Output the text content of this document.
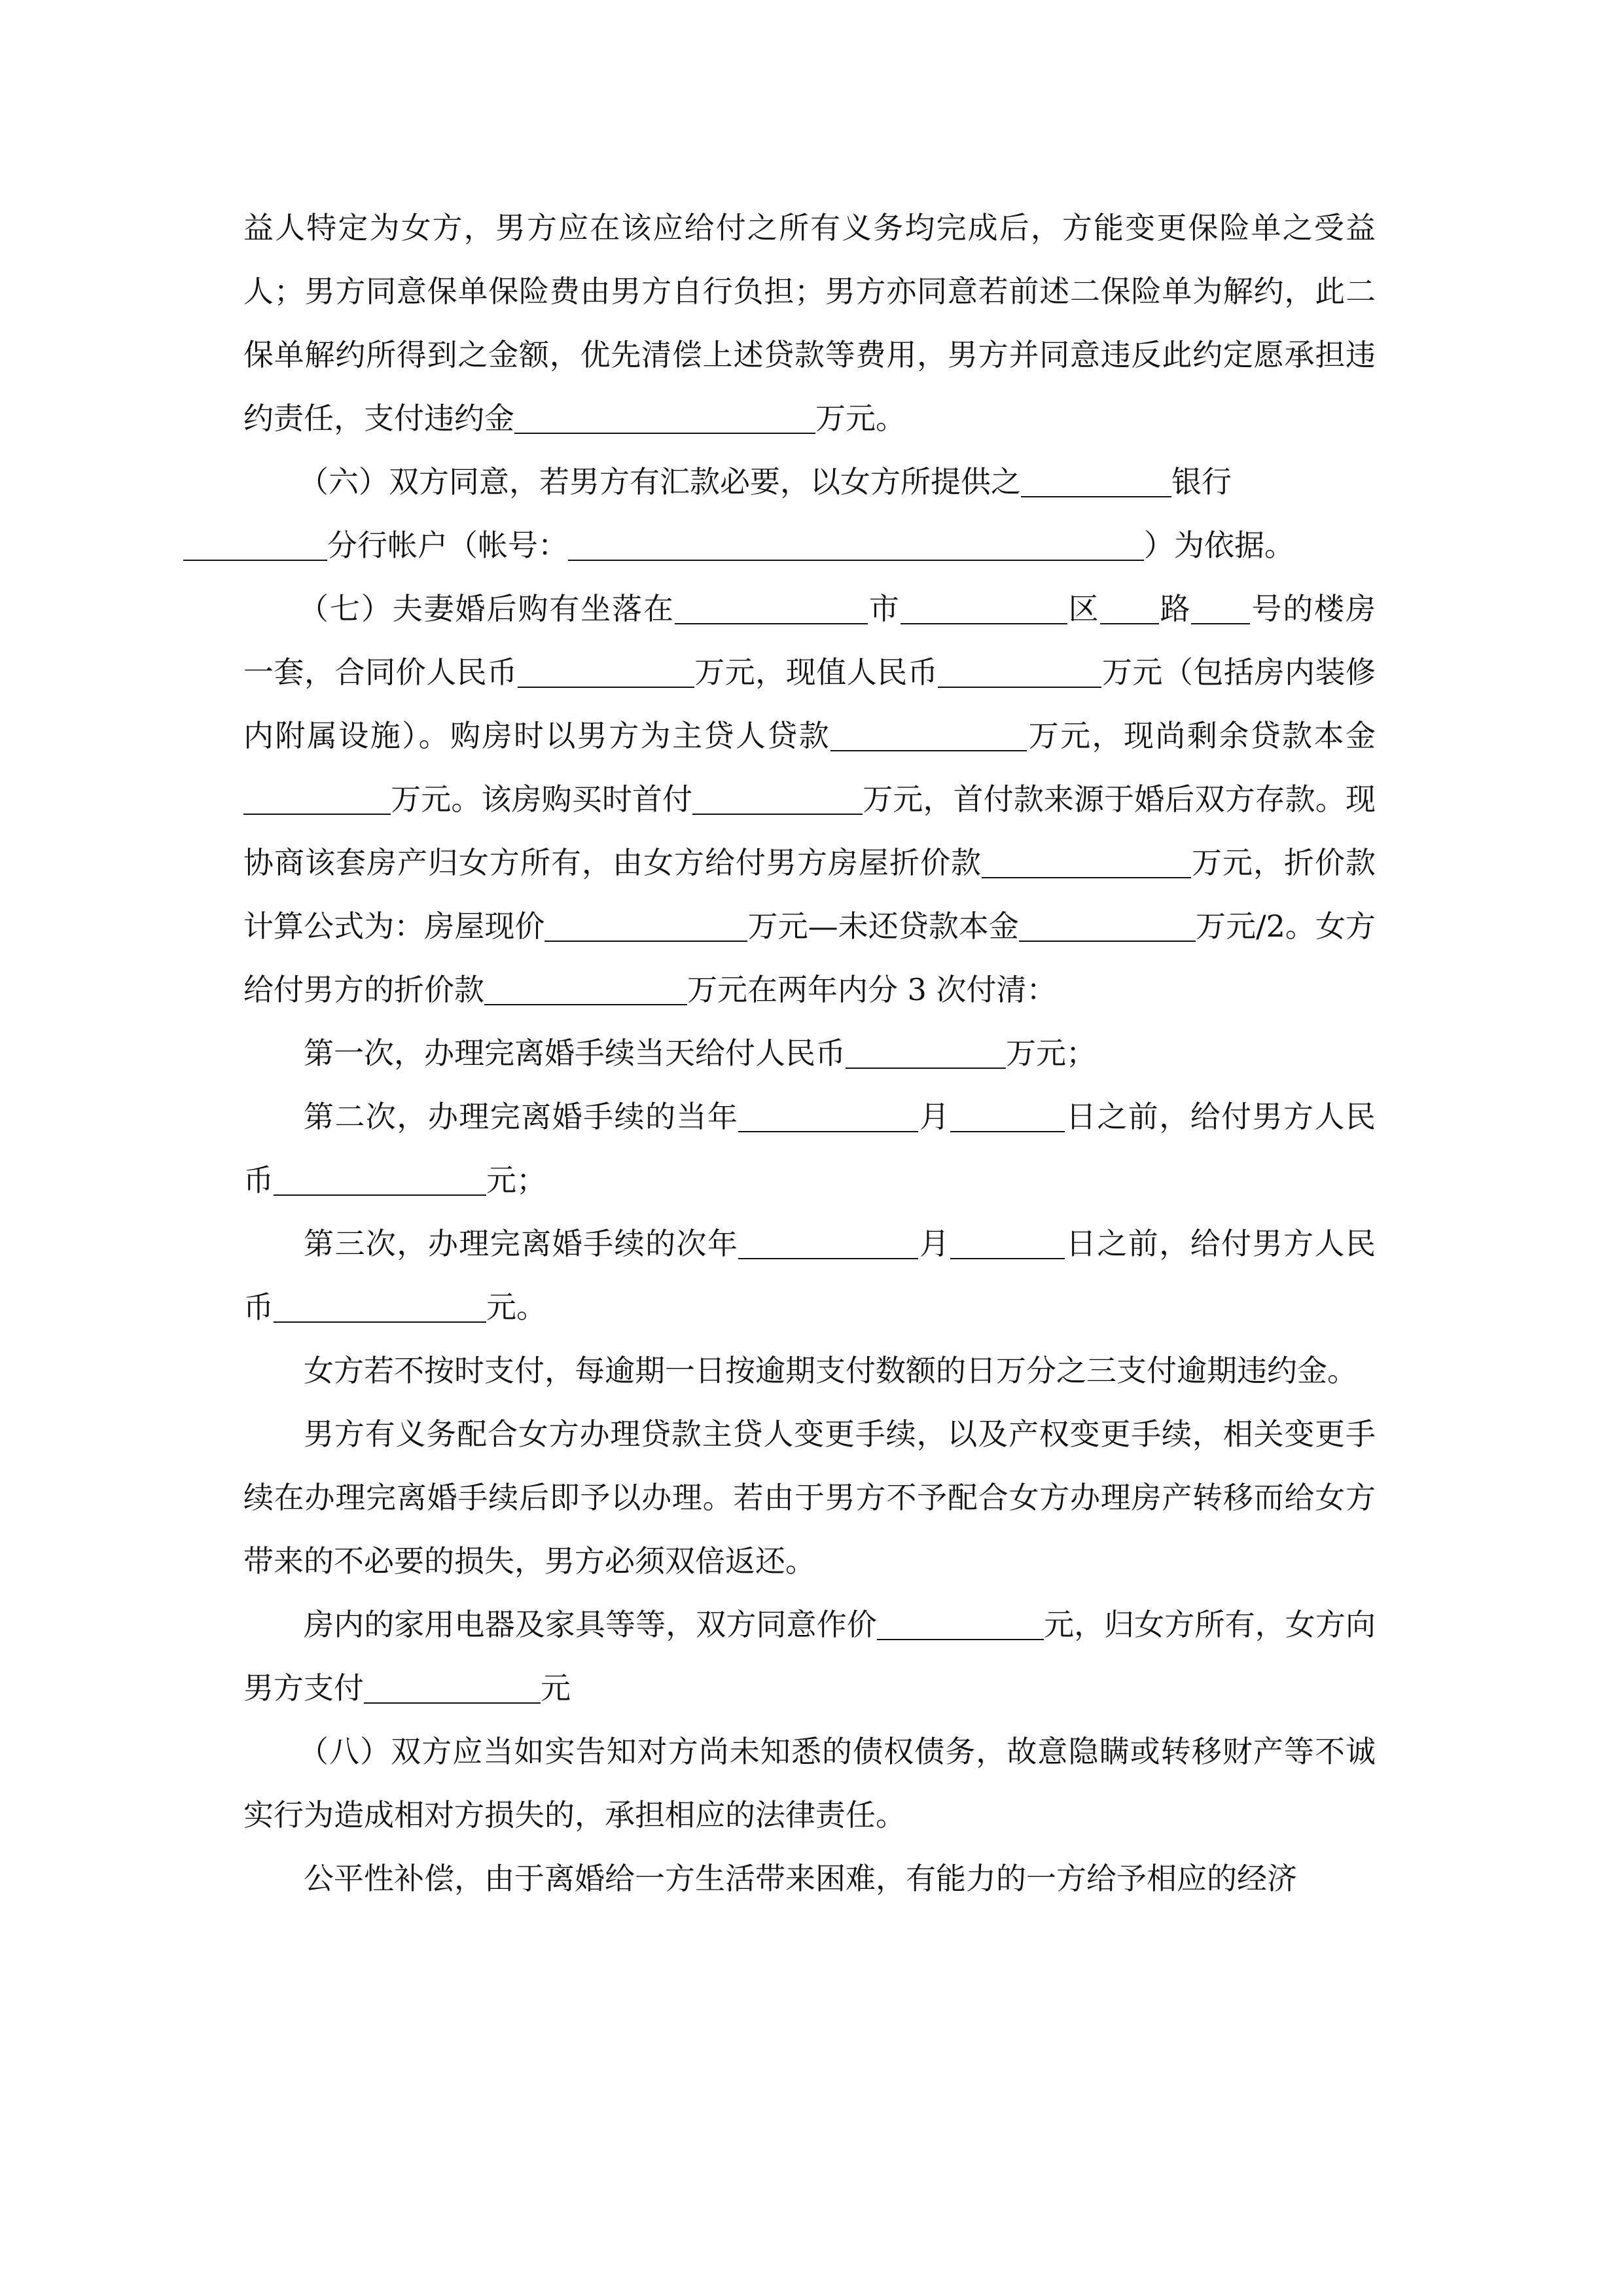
益人特定为女方，男方应在该应给付之所有义务均完成后，方能变更保险单之受益人；男方同意保单保险费由男方自行负担；男方亦同意若前述二保险单为解约，此二保单解约所得到之金额，优先清偿上述贷款等费用，男方并同意违反此约定愿承担违约责任，支付违约金	万元。

（六）双方同意，若男方有汇款必要，以女方所提供之	银行
分行帐户（帐号：	）为依据。

（七）夫妻婚后购有坐落在	市	区 路 号的楼房一套，合同价人民币	万元，现值人民币	万元（包括房内装修内附属设施）。购房时以男方为主贷人贷款	万元，现尚剩余贷款本金万元。该房购买时首付	万元，首付款来源于婚后双方存款。现协商该套房产归女方所有，由女方给付男方房屋折价款	万元，折价款计算公式为：房屋现价	万元—未还贷款本金	万元/2。女方给付男方的折价款	万元在两年内分 3 次付清：

第一次，办理完离婚手续当天给付人民币	万元；

第二次，办理完离婚手续的当年	月	日之前，给付男方人民币	元；

第三次，办理完离婚手续的次年	月	日之前，给付男方人民币	元。

女方若不按时支付，每逾期一日按逾期支付数额的日万分之三支付逾期违约金。

男方有义务配合女方办理贷款主贷人变更手续，以及产权变更手续，相关变更手续在办理完离婚手续后即予以办理。若由于男方不予配合女方办理房产转移而给女方带来的不必要的损失，男方必须双倍返还。

房内的家用电器及家具等等，双方同意作价	元，归女方所有，女方向男方支付	元

（八）双方应当如实告知对方尚未知悉的债权债务，故意隐瞒或转移财产等不诚实行为造成相对方损失的，承担相应的法律责任。

公平性补偿，由于离婚给一方生活带来困难，有能力的一方给予相应的经济
